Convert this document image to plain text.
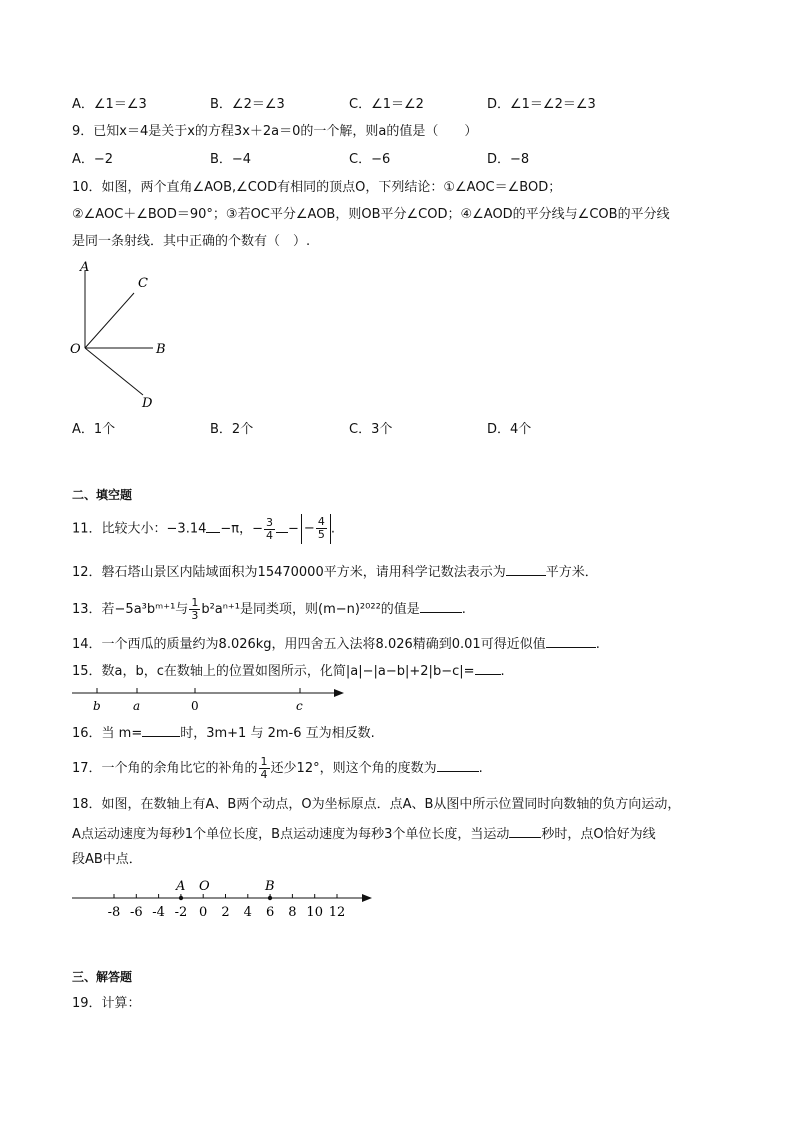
A．∠1＝∠3	B．∠2＝∠3	C．∠1＝∠2	D．∠1＝∠2＝∠3
9．已知x＝4是关于x的方程3x＋2a＝0的一个解，则a的值是（　　）
A．−2	B．−4	C．−6	D．−8
10．如图，两个直角∠AOB,∠COD有相同的顶点O，下列结论：①∠AOC＝∠BOD；
②∠AOC＋∠BOD＝90°；③若OC平分∠AOB，则OB平分∠COD；④∠AOD的平分线与∠COB的平分线
是同一条射线．其中正确的个数有（　）.
A
C
O	B
D
A．1个	B．2个	C．3个	D．4个
二、填空题
11．比较大小：−3.14 −π，− $\frac{3}{4}$ − − $\frac{4}{5}$ .
12．磐石塔山景区内陆域面积为15470000平方米，请用科学记数法表示为	平方米．
13．若−5a³bᵐ⁺¹与 $\frac{1}{3} b^2a^{n+1}$是同类项，则(m−n)²⁰²²的值是	.
14．一个西瓜的质量约为8.026kg，用四舍五入法将8.026精确到0.01可得近似值	.
15．数a，b，c在数轴上的位置如图所示，化简|a|−|a−b|+2|b−c|= .
b	a	0	c
16．当 m=	时，3m+1 与 2m-6 互为相反数.
17．一个角的余角比它的补角的 $\frac{1}{4}$ 还少12°，则这个角的度数为	.
18．如图，在数轴上有A、B两个动点，O为坐标原点．点A、B从图中所示位置同时向数轴的负方向运动，
A点运动速度为每秒1个单位长度，B点运动速度为每秒3个单位长度，当运动 秒时，点O恰好为线
段AB中点．
-8 -6 -4 -2 0 2 4 6 8 10 12
A O	B
三、解答题
19．计算：
